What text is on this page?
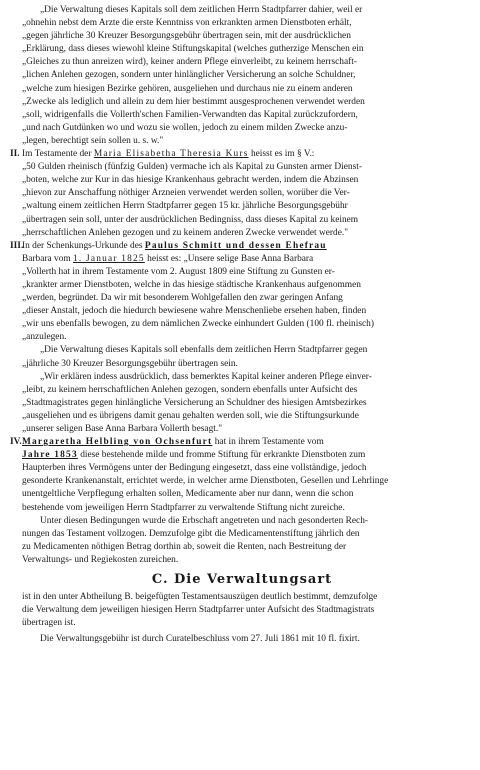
„Die Verwaltung dieses Kapitals soll dem zeitlichen Herrn Stadtpfarrer dahier, weil er
„ohnehin nebst dem Arzte die erste Kenntniss von erkrankten armen Dienstboten erhält,
„gegen jährliche 30 Kreuzer Besorgungsgebühr übertragen sein, mit der ausdrücklichen
„Erklärung, dass dieses wiewohl kleine Stiftungskapital (welches gutherzige Menschen ein
„Gleiches zu thun anreizen wird), keiner andern Pflege einverleibt, zu keinem herrschaft-
„lichen Anlehen gezogen, sondern unter hinlänglicher Versicherung an solche Schuldner,
„welche zum hiesigen Bezirke gehören, ausgeliehen und durchaus nie zu einem anderen
„Zwecke als lediglich und allein zu dem hier bestimmt ausgesprochenen verwendet werden
„soll, widrigenfalls die Vollerth'schen Familien-Verwandten das Kapital zurückzufordern,
„und nach Gutdünken wo und wozu sie wollen, jedoch zu einem milden Zwecke anzu-
„legen, berechtigt sein sollen u. s. w."
II. Im Testamente der Maria Elisabetha Theresia Kurs heisst es im § V.:
„50 Gulden rheinisch (fünfzig Gulden) vermache ich als Kapital zu Gunsten armer Dienst-
„boten, welche zur Kur in das hiesige Krankenhaus gebracht werden, indem die Abzinsen
„hievon zur Anschaffung nöthiger Arzneien verwendet werden sollen, worüber die Ver-
„waltung einem zeitlichen Herrn Stadtpfarrer gegen 15 kr. jährliche Besorgungsgebühr
„übertragen sein soll, unter der ausdrücklichen Bedingniss, dass dieses Kapital zu keinem
„herrschaftlichen Anlehen gezogen und zu keinem anderen Zwecke verwendet werde."
III.
In der Schenkungs-Urkunde des Paulus Schmitt und dessen Ehefrau
Barbara vom 1. Januar 1825 heisst es: „Unsere selige Base Anna Barbara
„Vollerth hat in ihrem Testamente vom 2. August 1809 eine Stiftung zu Gunsten er-
„krankter armer Dienstboten, welche in das hiesige städtische Krankenhaus aufgenommen
„werden, begründet. Da wir mit besonderem Wohlgefallen den zwar geringen Anfang
„dieser Anstalt, jedoch die hiedurch bewiesene wahre Menschenliebe ersehen haben, finden
„wir uns ebenfalls bewogen, zu dem nämlichen Zwecke einhundert Gulden (100 fl. rheinisch)
„anzulegen.
„Die Verwaltung dieses Kapitals soll ebenfalls dem zeitlichen Herrn Stadtpfarrer gegen
„jährliche 30 Kreuzer Besorgungsgebühr übertragen sein.
„Wir erklären indess ausdrücklich, dass bemerktes Kapital keiner anderen Pflege einver-
„leibt, zu keinem herrschaftlichen Anlehen gezogen, sondern ebenfalls unter Aufsicht des
„Stadtmagistrates gegen hinlängliche Versicherung an Schuldner des hiesigen Amtsbezirkes
„ausgeliehen und es übrigens damit genau gehalten werden soll, wie die Stiftungsurkunde
„unserer seligen Base Anna Barbara Vollerth besagt."
IV. Margaretha Helbling von Ochsenfurt hat in ihrem Testamente vom
Jahre 1853 diese bestehende milde und fromme Stiftung für erkrankte Dienstboten zum
Haupterben ihres Vermögens unter der Bedingung eingesetzt, dass eine vollständige, jedoch
gesonderte Krankenanstalt, errichtet werde, in welcher arme Dienstboten, Gesellen und Lehrlinge
unentgeltliche Verpflegung erhalten sollen, Medicamente aber nur dann, wenn die schon
bestehende vom jeweiligen Herrn Stadtpfarrer zu verwaltende Stiftung nicht zureiche.
Unter diesen Bedingungen wurde die Erbschaft angetreten und nach gesonderten Rech-
nungen das Testament vollzogen. Demzufolge gibt die Medicamentenstiftung jährlich den
zu Medicamenten nöthigen Betrag dorthin ab, soweit die Renten, nach Bestreitung der
Verwaltungs- und Regiekosten zureichen.
C. Die Verwaltungsart
ist in den unter Abtheilung B. beigefügten Testamentsauszügen deutlich bestimmt, demzufolge
die Verwaltung dem jeweiligen hiesigen Herrn Stadtpfarrer unter Aufsicht des Stadtmagistrats
übertragen ist.
Die Verwaltungsgebühr ist durch Curatelbeschluss vom 27. Juli 1861 mit 10 fl. fixirt.
